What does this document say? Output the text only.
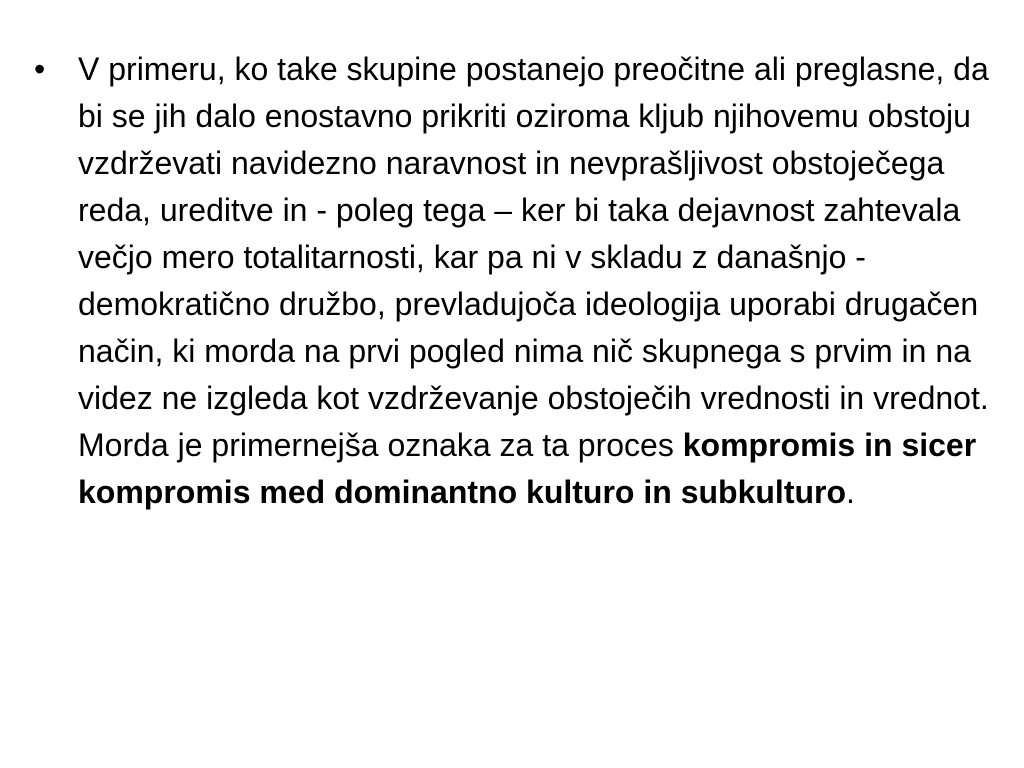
• V primeru, ko take skupine postanejo preočitne ali preglasne, da bi se jih dalo enostavno prikriti oziroma kljub njihovemu obstoju vzdrževati navidezno naravnost in nevprašljivost obstoječega reda, ureditve in - poleg tega – ker bi taka dejavnost zahtevala večjo mero totalitarnosti, kar pa ni v skladu z današnjo - demokratično družbo, prevladujoča ideologija uporabi drugačen način, ki morda na prvi pogled nima nič skupnega s prvim in na videz ne izgleda kot vzdrževanje obstoječih vrednosti in vrednot. Morda je primernejša oznaka za ta proces kompromis in sicer kompromis med dominantno kulturo in subkulturo.
